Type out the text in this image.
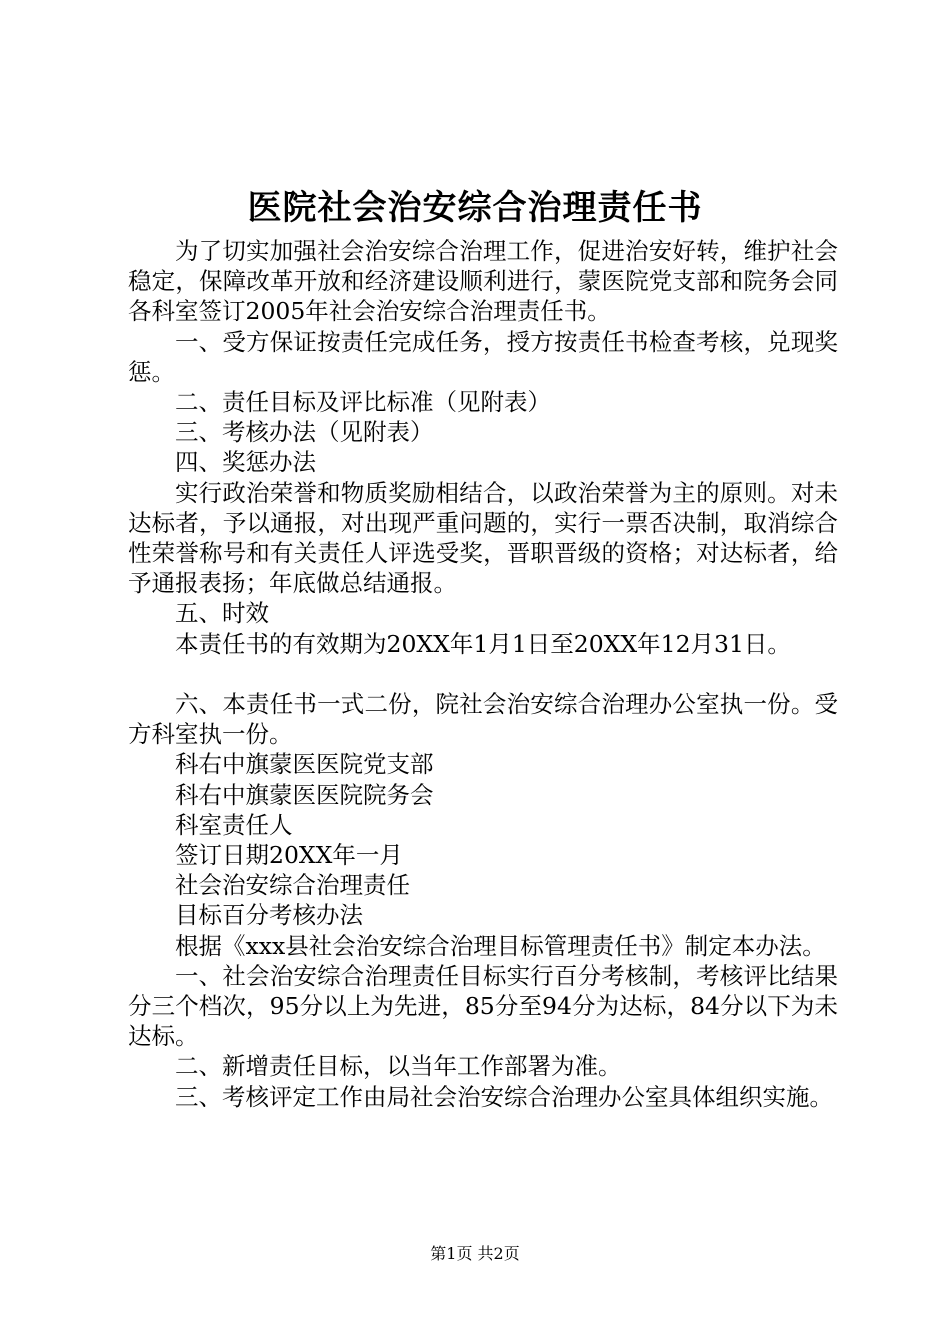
医院社会治安综合治理责任书

为了切实加强社会治安综合治理工作，促进治安好转，维护社会稳定，保障改革开放和经济建设顺利进行，蒙医院党支部和院务会同各科室签订2005年社会治安综合治理责任书。

一、受方保证按责任完成任务，授方按责任书检查考核，兑现奖惩。

二、责任目标及评比标准（见附表）

三、考核办法（见附表）

四、奖惩办法

实行政治荣誉和物质奖励相结合，以政治荣誉为主的原则。对未达标者，予以通报，对出现严重问题的，实行一票否决制，取消综合性荣誉称号和有关责任人评选受奖，晋职晋级的资格；对达标者，给予通报表扬；年底做总结通报。

五、时效

本责任书的有效期为20XX年1月1日至20XX年12月31日。

六、本责任书一式二份，院社会治安综合治理办公室执一份。受方科室执一份。

科右中旗蒙医医院党支部

科右中旗蒙医医院院务会

科室责任人

签订日期20XX年一月

社会治安综合治理责任

目标百分考核办法

根据《xxx县社会治安综合治理目标管理责任书》制定本办法。

一、社会治安综合治理责任目标实行百分考核制，考核评比结果分三个档次，95分以上为先进，85分至94分为达标，84分以下为未达标。

二、新增责任目标，以当年工作部署为准。

三、考核评定工作由局社会治安综合治理办公室具体组织实施。

第1页 共2页
